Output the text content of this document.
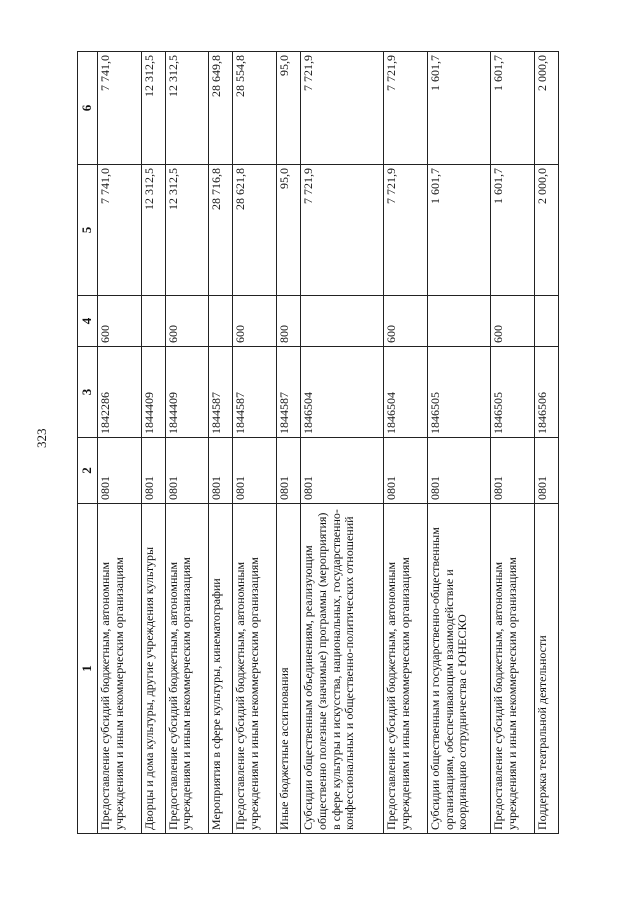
323
1	2	3	4	5	6
Предоставление субсидий бюджетным, автономным учреждениям и иным некоммерческим организациям	0801	1842286	600	7 741,0	7 741,0
Дворцы и дома культуры, другие учреждения культуры	0801	1844409		12 312,5	12 312,5
Предоставление субсидий бюджетным, автономным учреждениям и иным некоммерческим организациям	0801	1844409	600	12 312,5	12 312,5
Мероприятия в сфере культуры, кинематографии	0801	1844587		28 716,8	28 649,8
Предоставление субсидий бюджетным, автономным учреждениям и иным некоммерческим организациям	0801	1844587	600	28 621,8	28 554,8
Иные бюджетные ассигнования	0801	1844587	800	95,0	95,0
Субсидии общественным объединениям, реализующим общественно полезные (значимые) программы (мероприятия) в сфере культуры и искусства, национальных, государственно-конфессиональных и общественно-политических отношений	0801	1846504		7 721,9	7 721,9
Предоставление субсидий бюджетным, автономным учреждениям и иным некоммерческим организациям	0801	1846504	600	7 721,9	7 721,9
Субсидии общественным и государственно-общественным организациям, обеспечивающим взаимодействие и координацию сотрудничества с ЮНЕСКО	0801	1846505		1 601,7	1 601,7
Предоставление субсидий бюджетным, автономным учреждениям и иным некоммерческим организациям	0801	1846505	600	1 601,7	1 601,7
Поддержка театральной деятельности	0801	1846506		2 000,0	2 000,0
